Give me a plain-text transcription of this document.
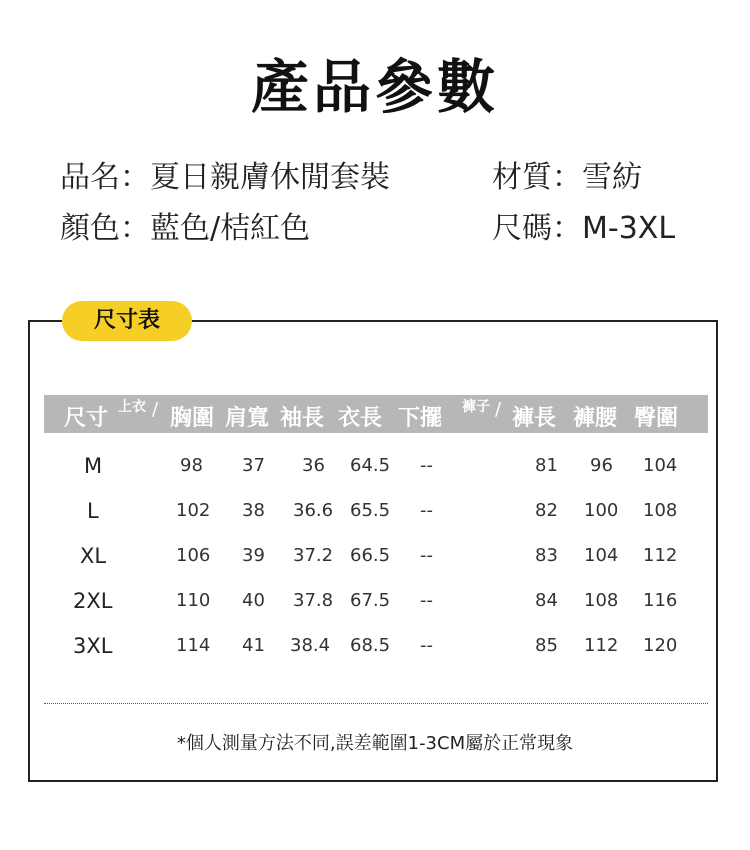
產品參數
品名：夏日親膚休閒套裝	材質：雪紡
顏色：藍色/桔紅色	尺碼：M-3XL
尺寸表
尺寸 上衣 / 胸圍 肩寬 袖長 衣長 下擺 褲子 / 褲長 褲腰 臀圍
M	98 37 36 64.5 --	81 96 104
L	102 38 36.6 65.5 --	82 100 108
XL	106 39 37.2 66.5 --	83 104 112
2XL	110 40 37.8 67.5 --	84 108 116
3XL	114 41 38.4 68.5 --	85 112 120
*個人測量方法不同,誤差範圍1-3CM屬於正常現象
